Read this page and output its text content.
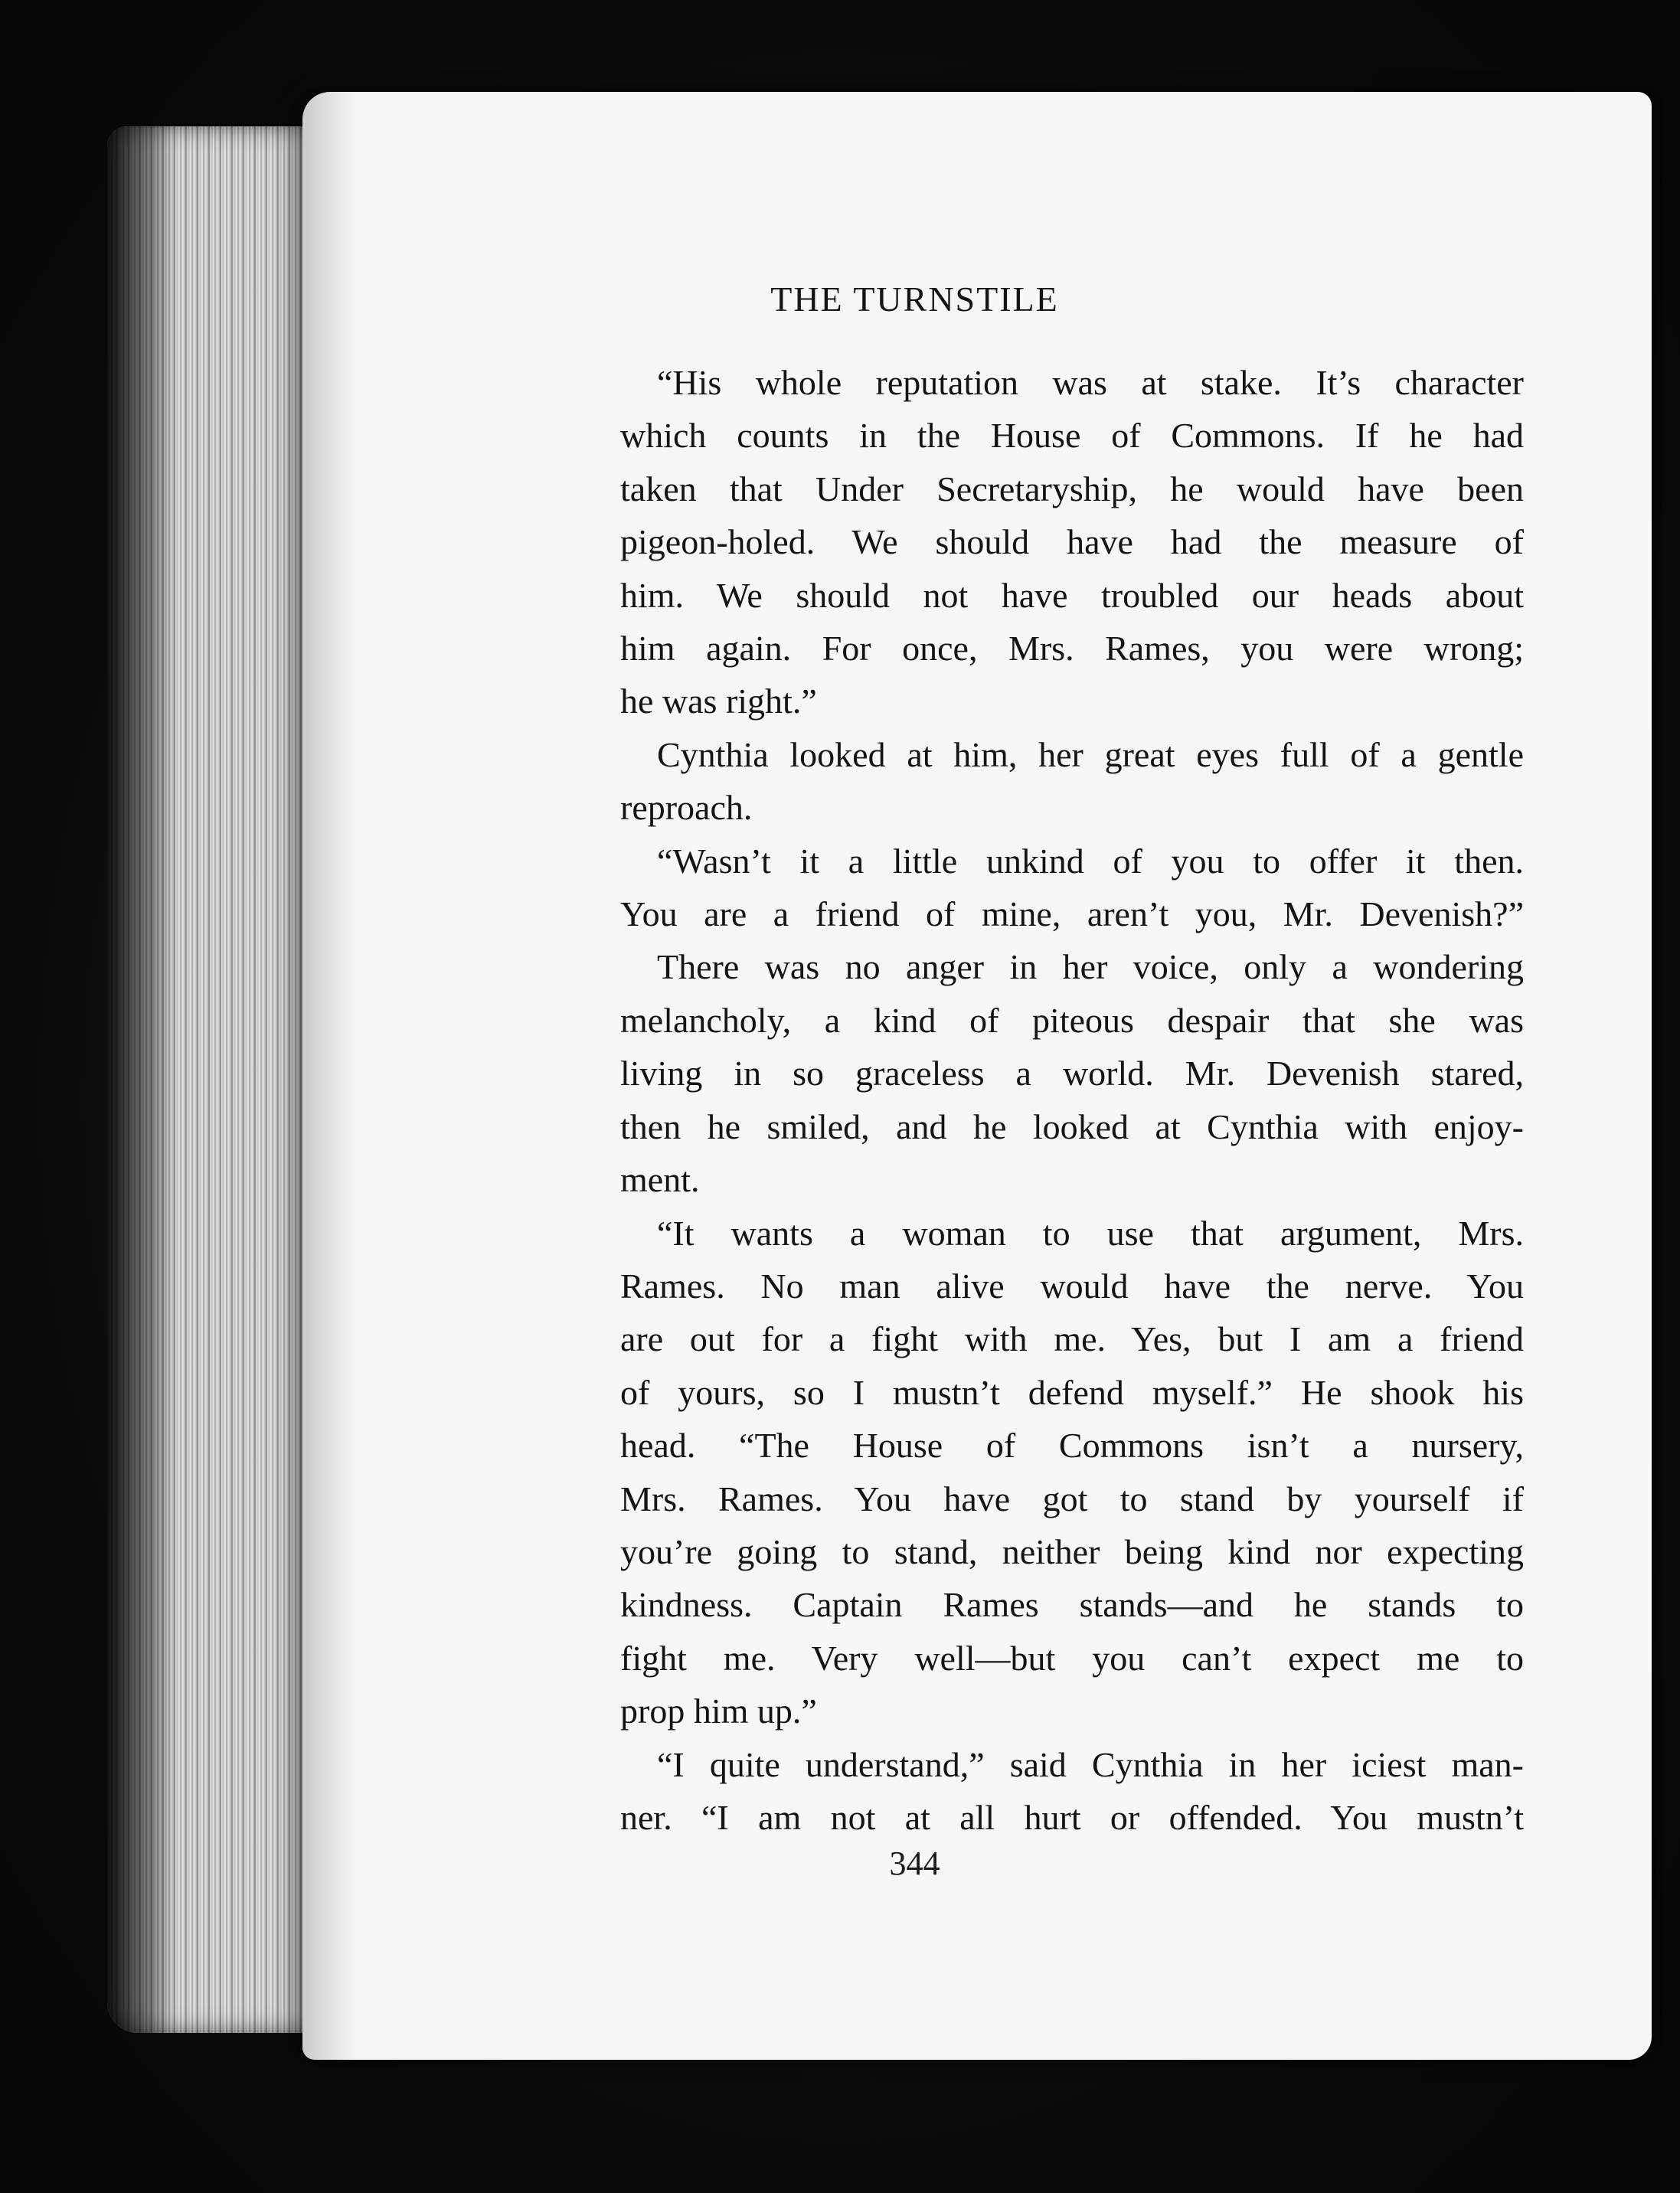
THE TURNSTILE

“His whole reputation was at stake. It’s character
which counts in the House of Commons. If he had
taken that Under Secretaryship, he would have been
pigeon-holed. We should have had the measure of
him. We should not have troubled our heads about
him again. For once, Mrs. Rames, you were wrong;
he was right.”

Cynthia looked at him, her great eyes full of a gentle
reproach.

“Wasn’t it a little unkind of you to offer it then.
You are a friend of mine, aren’t you, Mr. Devenish?”

There was no anger in her voice, only a wondering
melancholy, a kind of piteous despair that she was
living in so graceless a world. Mr. Devenish stared,
then he smiled, and he looked at Cynthia with enjoy-
ment.

“It wants a woman to use that argument, Mrs.
Rames. No man alive would have the nerve. You
are out for a fight with me. Yes, but I am a friend
of yours, so I mustn’t defend myself.” He shook his
head. “The House of Commons isn’t a nursery,
Mrs. Rames. You have got to stand by yourself if
you’re going to stand, neither being kind nor expecting
kindness. Captain Rames stands—and he stands to
fight me. Very well—but you can’t expect me to
prop him up.”

“I quite understand,” said Cynthia in her iciest man-
ner. “I am not at all hurt or offended. You mustn’t

344
